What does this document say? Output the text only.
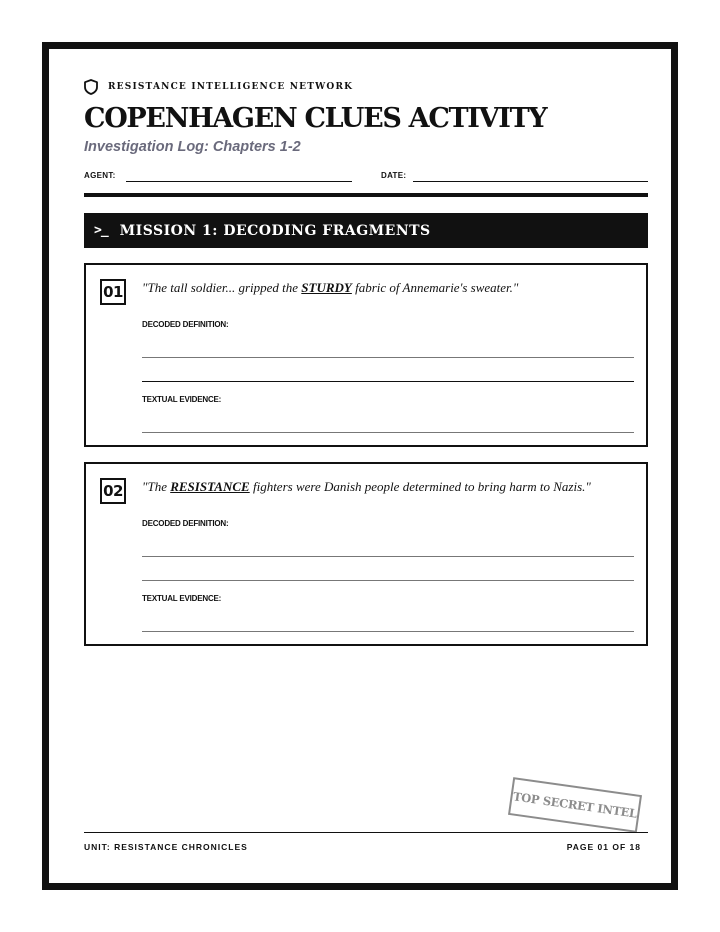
RESISTANCE INTELLIGENCE NETWORK
COPENHAGEN CLUES ACTIVITY
Investigation Log: Chapters 1-2
AGENT:	DATE:
>_ MISSION 1: DECODING FRAGMENTS
01 "The tall soldier... gripped the STURDY fabric of Annemarie's sweater."
DECODED DEFINITION:
TEXTUAL EVIDENCE:
02 "The RESISTANCE fighters were Danish people determined to bring harm to Nazis."
DECODED DEFINITION:
TEXTUAL EVIDENCE:
TOP SECRET INTEL
UNIT: RESISTANCE CHRONICLES	PAGE 01 OF 18
